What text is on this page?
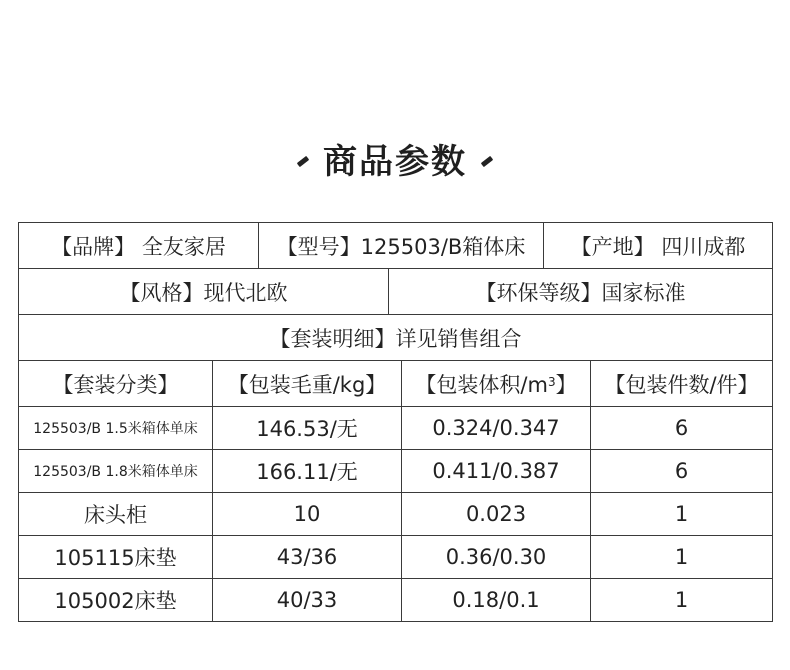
商品参数
【品牌】 全友家居	【型号】125503/B箱体床	【产地】 四川成都
【风格】现代北欧	【环保等级】国家标准
【套装明细】详见销售组合
【套装分类】	【包装毛重/kg】	【包装体积$/m^3$ 】	【包装件数/件】
125503/B 1.5米箱体单床	146.53/无	0.324/0.347	6
125503/B 1.8米箱体单床	166.11/无	0.411/0.387	6
床头柜	10	0.023	1
105115床垫	43/36	0.36/0.30	1
105002床垫	40/33	0.18/0.1	1
